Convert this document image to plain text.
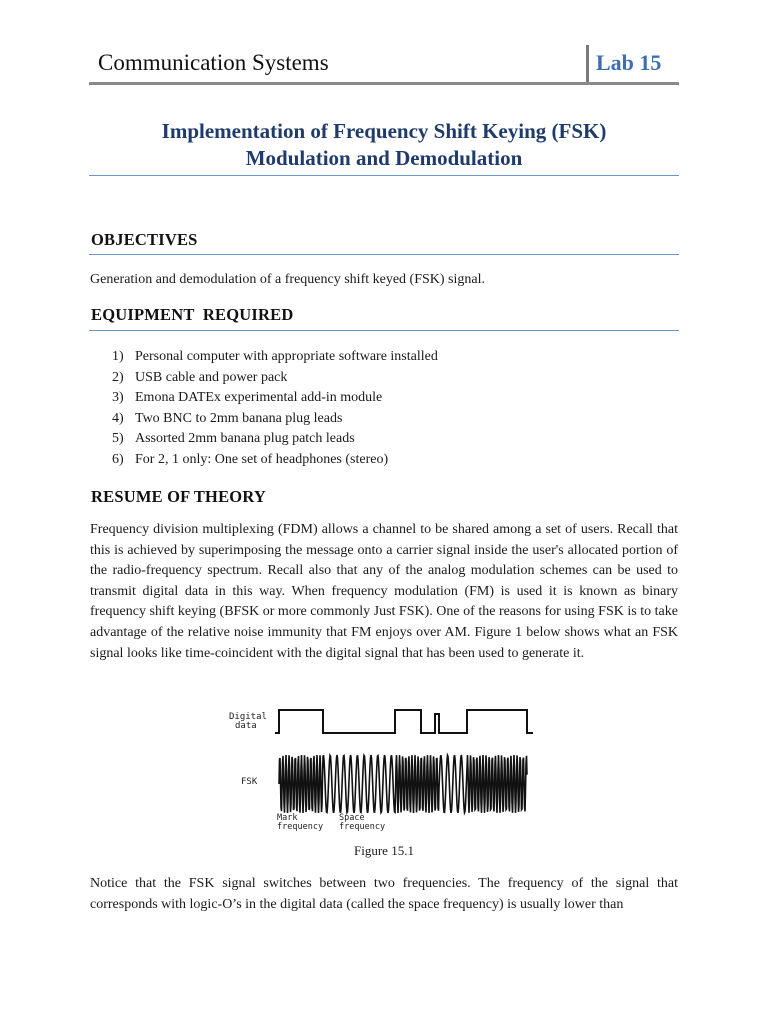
Communication Systems	Lab 15
Implementation of Frequency Shift Keying (FSK)
Modulation and Demodulation
OBJECTIVES
Generation and demodulation of a frequency shift keyed (FSK) signal.
EQUIPMENT  REQUIRED
1) Personal computer with appropriate software installed
2) USB cable and power pack
3) Emona DATEx experimental add-in module
4) Two BNC to 2mm banana plug leads
5) Assorted 2mm banana plug patch leads
6) For 2, 1 only: One set of headphones (stereo)
RESUME OF THEORY
Frequency division multiplexing (FDM) allows a channel to be shared among a set of users. Recall that this is achieved by superimposing the message onto a carrier signal inside the user's allocated portion of the radio-frequency spectrum. Recall also that any of the analog modulation schemes can be used to transmit digital data in this way. When frequency modulation (FM) is used it is known as binary frequency shift keying (BFSK or more commonly Just FSK). One of the reasons for using FSK is to take advantage of the relative noise immunity that FM enjoys over AM. Figure 1 below shows what an FSK signal looks like time-coincident with the digital signal that has been used to generate it.
Digital
data
FSK
Mark
frequency
Space
frequency
Figure 15.1
Notice that the FSK signal switches between two frequencies. The frequency of the signal that corresponds with logic-O’s in the digital data (called the space frequency) is usually lower than
